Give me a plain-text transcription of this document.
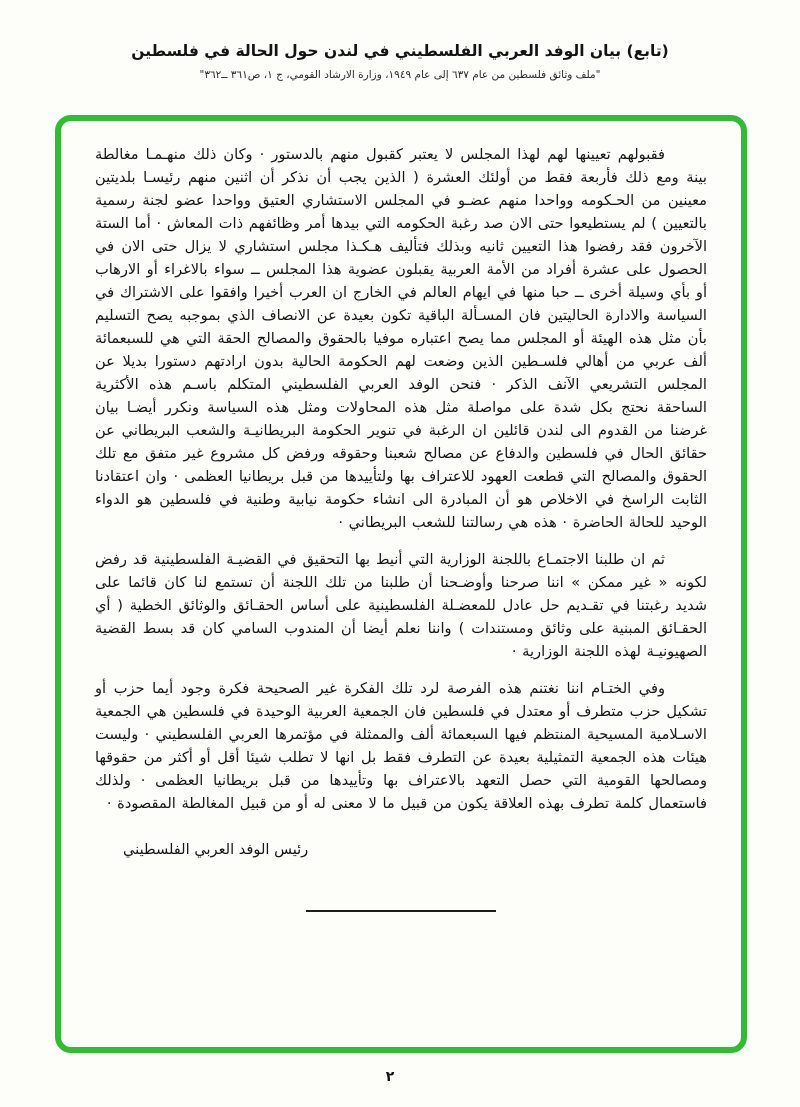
(تابع) بيان الوفد العربي الفلسطيني في لندن حول الحالة في فلسطين
"ملف وثائق فلسطين من عام ٦٣٧ إلى عام ١٩٤٩، وزارة الارشاد القومي، ج ١، ص٣٦١ ــ٣٦٢"

فقبولهم تعيينها لهم لهذا المجلس لا يعتبر كقبول منهم بالدستور · وكان ذلك منهـمـا مغالطة بينة ومع ذلك فأربعة فقط من أولئك العشرة ( الذين يجب أن نذكر أن اثنين منهم رئيسـا بلديتين معينين من الحـكومه وواحدا منهم عضـو في المجلس الاستشاري العتيق وواحدا عضو لجنة رسمية بالتعيين ) لم يستطيعوا حتى الان صد رغبة الحكومه التي بيدها أمر وظائفهم ذات المعاش · أما الستة الآخرون فقد رفضوا هذا التعيين ثانيه وبذلك فتأليف هـكـذا مجلس استشاري لا يزال حتى الان في الحصول على عشرة أفراد من الأمة العربية يقبلون عضوية هذا المجلس ــ سواء بالاغراء أو الارهاب أو بأي وسيلة أخرى ــ حبا منها في ايهام العالم في الخارج ان العرب أخيرا وافقوا على الاشتراك في السياسة والادارة الحاليتين فان المسـألة الباقية تكون بعيدة عن الانصاف الذي بموجبه يصح التسليم بأن مثل هذه الهيئة أو المجلس مما يصح اعتباره موفيا بالحقوق والمصالح الحقة التي هي للسبعمائة ألف عربي من أهالي فلسـطين الذين وضعت لهم الحكومة الحالية بدون ارادتهم دستورا بديلا عن المجلس التشريعي الآنف الذكر · فنحن الوفد العربي الفلسطيني المتكلم باسـم هذه الأكثرية الساحقة نحتج بكل شدة على مواصلة مثل هذه المحاولات ومثل هذه السياسة ونكرر أيضـا بيان غرضنا من القدوم الى لندن قائلين ان الرغبة في تنوير الحكومة البريطانيـة والشعب البريطاني عن حقائق الحال في فلسطين والدفاع عن مصالح شعبنا وحقوقه ورفض كل مشروع غير متفق مع تلك الحقوق والمصالح التي قطعت العهود للاعتراف بها ولتأييدها من قبل بريطانيا العظمى · وان اعتقادنا الثابت الراسخ في الاخلاص هو أن المبادرة الى انشاء حكومة نيابية وطنية في فلسطين هو الدواء الوحيد للحالة الحاضرة · هذه هي رسالتنا للشعب البريطاني ·

ثم ان طلبنا الاجتمـاع باللجنة الوزارية التي أنيط بها التحقيق في القضيـة الفلسطينية قد رفض لكونه « غير ممكن » اننا صرحنا وأوضـحنا أن طلبنا من تلك اللجنة أن تستمع لنا كان قائما على شديد رغبتنا في تقـديم حل عادل للمعضـلة الفلسطينية على أساس الحقـائق والوثائق الخطية ( أي الحقـائق المبنية على وثائق ومستندات ) واننا نعلم أيضا أن المندوب السامي كان قد بسط القضية الصهيونيـة لهذه اللجنة الوزارية ·

وفي الختـام اننا نغتنم هذه الفرصة لرد تلك الفكرة غير الصحيحة فكرة وجود أيما حزب أو تشكيل حزب متطرف أو معتدل في فلسطين فان الجمعية العربية الوحيدة في فلسطين هي الجمعية الاسـلامية المسيحية المنتظم فيها السبعمائة ألف والممثلة في مؤتمرها العربي الفلسطيني · وليست هيئات هذه الجمعية التمثيلية بعيدة عن التطرف فقط بل انها لا تطلب شيئا أقل أو أكثر من حقوقها ومصالحها القومية التي حصل التعهد بالاعتراف بها وتأييدها من قبل بريطانيا العظمى · ولذلك فاستعمال كلمة تطرف بهذه العلاقة يكون من قبيل ما لا معنى له أو من قبيل المغالطة المقصودة ·

رئيس الوفد العربي الفلسطيني
٢
